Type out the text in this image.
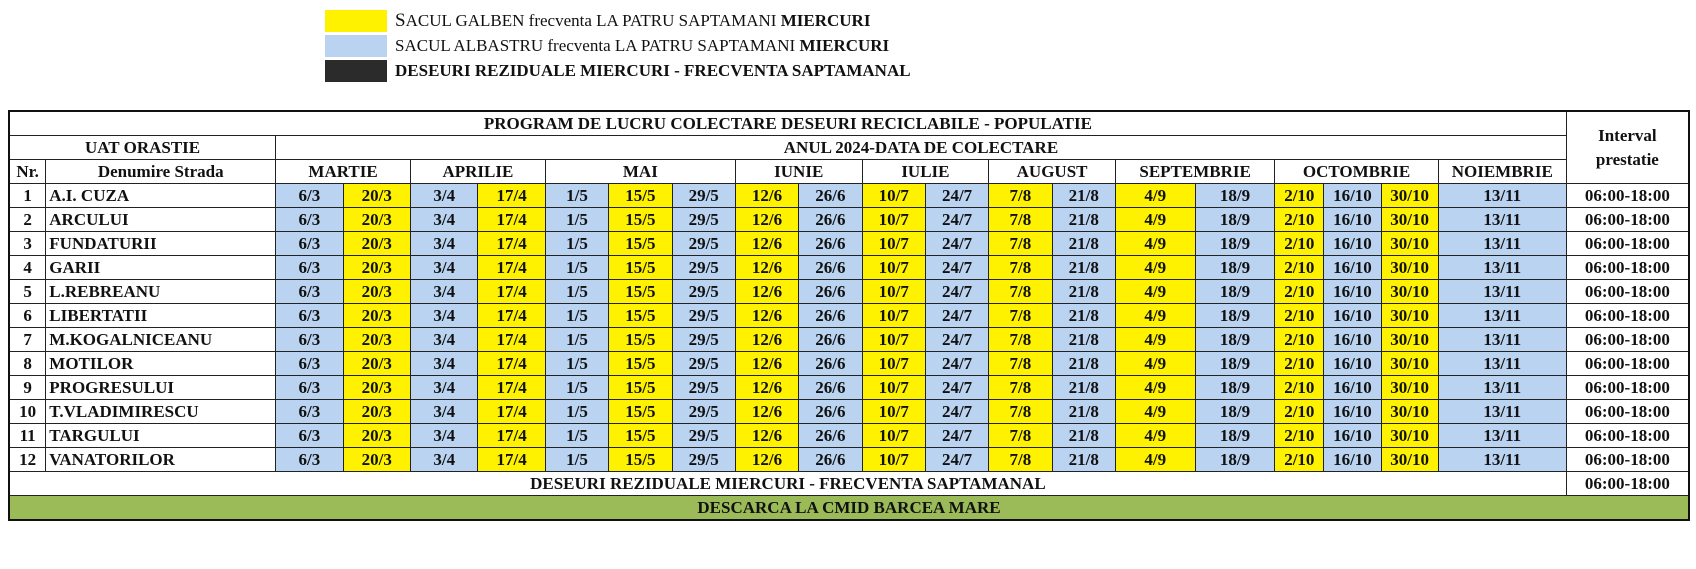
SACUL GALBEN frecventa LA PATRU SAPTAMANI MIERCURI
SACUL ALBASTRU frecventa LA PATRU SAPTAMANI MIERCURI
DESEURI REZIDUALE MIERCURI - FRECVENTA SAPTAMANAL
PROGRAM DE LUCRU COLECTARE DESEURI RECICLABILE - POPULATIE																					Interval
prestatie

UAT ORASTIE		ANUL 2024-DATA DE COLECTARE																			
Nr.	Denumire Strada	MARTIE		APRILIE		MAI			IUNIE		IULIE		AUGUST		SEPTEMBRIE		OCTOMBRIE			NOIEMBRIE	
1	A.I. CUZA	6/3	20/3	3/4	17/4	1/5	15/5	29/5	12/6	26/6	10/7	24/7	7/8	21/8	4/9	18/9	2/10	16/10	30/10	13/11	06:00-18:00
2	ARCULUI	6/3	20/3	3/4	17/4	1/5	15/5	29/5	12/6	26/6	10/7	24/7	7/8	21/8	4/9	18/9	2/10	16/10	30/10	13/11	06:00-18:00
3	FUNDATURII	6/3	20/3	3/4	17/4	1/5	15/5	29/5	12/6	26/6	10/7	24/7	7/8	21/8	4/9	18/9	2/10	16/10	30/10	13/11	06:00-18:00
4	GARII	6/3	20/3	3/4	17/4	1/5	15/5	29/5	12/6	26/6	10/7	24/7	7/8	21/8	4/9	18/9	2/10	16/10	30/10	13/11	06:00-18:00
5	L.REBREANU	6/3	20/3	3/4	17/4	1/5	15/5	29/5	12/6	26/6	10/7	24/7	7/8	21/8	4/9	18/9	2/10	16/10	30/10	13/11	06:00-18:00
6	LIBERTATII	6/3	20/3	3/4	17/4	1/5	15/5	29/5	12/6	26/6	10/7	24/7	7/8	21/8	4/9	18/9	2/10	16/10	30/10	13/11	06:00-18:00
7	M.KOGALNICEANU	6/3	20/3	3/4	17/4	1/5	15/5	29/5	12/6	26/6	10/7	24/7	7/8	21/8	4/9	18/9	2/10	16/10	30/10	13/11	06:00-18:00
8	MOTILOR	6/3	20/3	3/4	17/4	1/5	15/5	29/5	12/6	26/6	10/7	24/7	7/8	21/8	4/9	18/9	2/10	16/10	30/10	13/11	06:00-18:00
9	PROGRESULUI	6/3	20/3	3/4	17/4	1/5	15/5	29/5	12/6	26/6	10/7	24/7	7/8	21/8	4/9	18/9	2/10	16/10	30/10	13/11	06:00-18:00
10	T.VLADIMIRESCU	6/3	20/3	3/4	17/4	1/5	15/5	29/5	12/6	26/6	10/7	24/7	7/8	21/8	4/9	18/9	2/10	16/10	30/10	13/11	06:00-18:00
11	TARGULUI	6/3	20/3	3/4	17/4	1/5	15/5	29/5	12/6	26/6	10/7	24/7	7/8	21/8	4/9	18/9	2/10	16/10	30/10	13/11	06:00-18:00
12	VANATORILOR	6/3	20/3	3/4	17/4	1/5	15/5	29/5	12/6	26/6	10/7	24/7	7/8	21/8	4/9	18/9	2/10	16/10	30/10	13/11	06:00-18:00
DESEURI REZIDUALE MIERCURI - FRECVENTA SAPTAMANAL																					06:00-18:00
DESCARCA LA CMID BARCEA MARE																					
